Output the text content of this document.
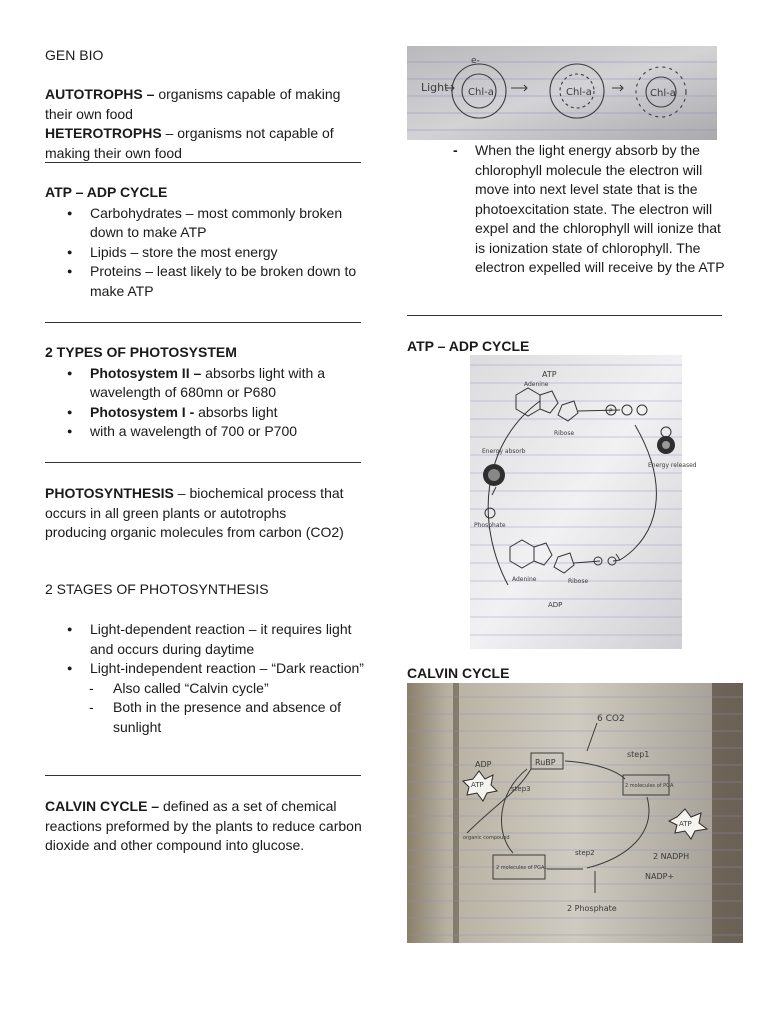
GEN BIO
AUTOTROPHS – organisms capable of making their own food
HETEROTROPHS – organisms not capable of making their own food
ATP – ADP CYCLE
● Carbohydrates – most commonly broken down to make ATP
● Lipids – store the most energy
● Proteins – least likely to be broken down to make ATP
2 TYPES OF PHOTOSYSTEM
● Photosystem II – absorbs light with a wavelength of 680mn or P680
● Photosystem I - absorbs light
● with a wavelength of 700 or P700
PHOTOSYNTHESIS – biochemical process that occurs in all green plants or autotrophs producing organic molecules from carbon (CO2)
2 STAGES OF PHOTOSYNTHESIS
● Light-dependent reaction – it requires light and occurs during daytime
● Light-independent reaction – “Dark reaction”
- Also called “Calvin cycle”
- Both in the presence and absence of sunlight
CALVIN CYCLE – defined as a set of chemical reactions preformed by the plants to reduce carbon dioxide and other compound into glucose.
Light Chl-a	Chl-a	Chl-a
e-
- When the light energy absorb by the chlorophyll molecule the electron will move into next level state that is the photoexcitation state. The electron will expel and the chlorophyll will ionize that is ionization state of chlorophyll. The electron expelled will receive by the ATP
ATP – ADP CYCLE
ATP
Adenine
Ribose
P
Energy absorb
Energy released
Phosphate
Adenine	Ribose
ADP
CALVIN CYCLE
6 CO2
RuBP
step1
ADP
ATP	step3	2 molecules of PGA
ATP
organic compound
2 molecules of PGAL
step2	2 NADPH
NADP+
2 Phosphate
